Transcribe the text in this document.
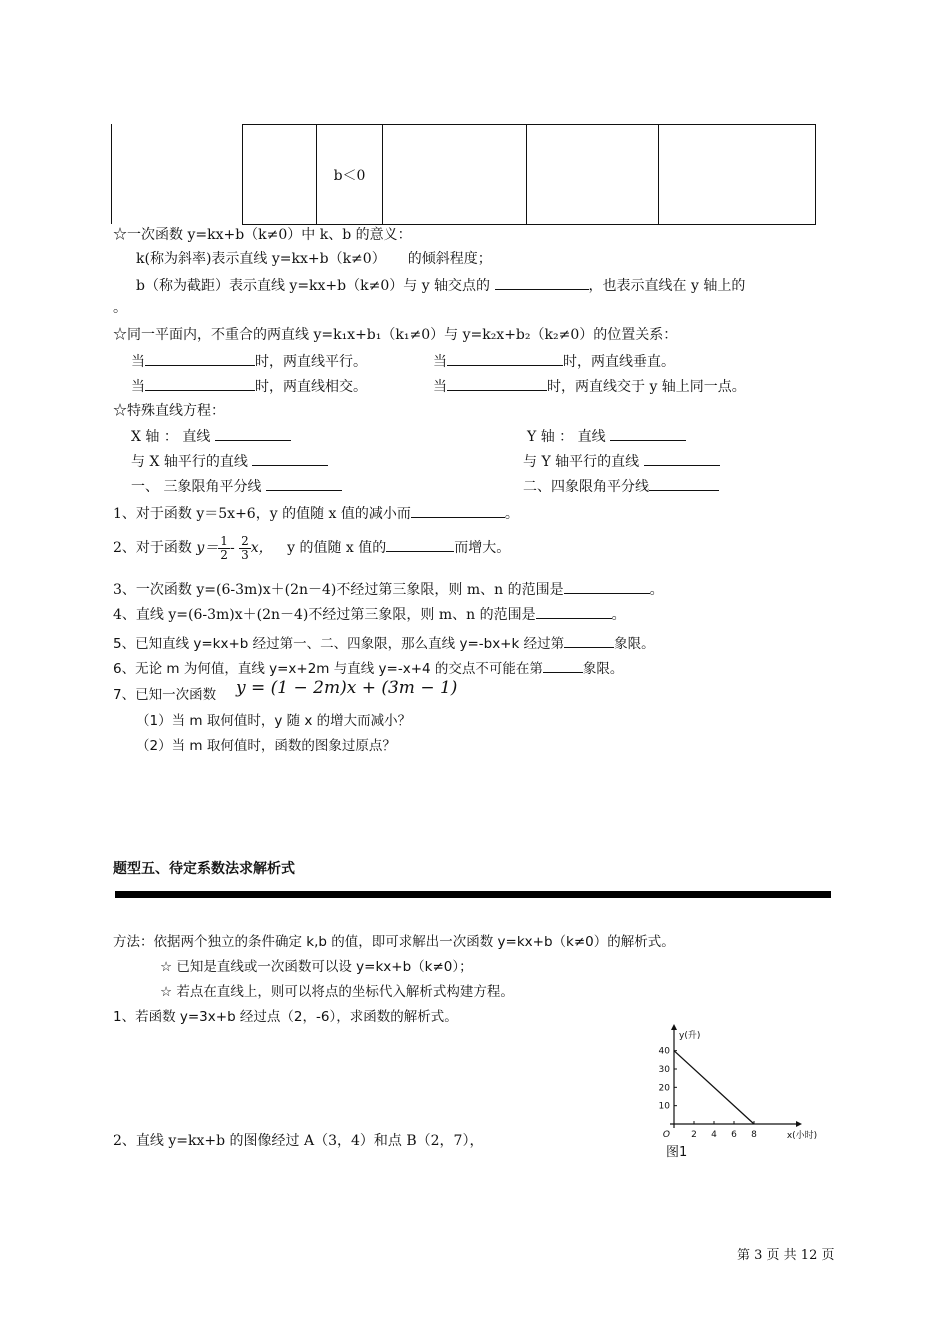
	b＜0			
☆一次函数 y=kx+b（k≠0）中 k、b 的意义：
k(称为斜率)表示直线 y=kx+b（k≠0） 的倾斜程度；
b（称为截距）表示直线 y=kx+b（k≠0）与 y 轴交点的	，也表示直线在 y 轴上的
。
☆同一平面内，不重合的两直线 y=k₁x+b₁（k₁≠0）与 y=k₂x+b₂（k₂≠0）的位置关系：
当	时，两直线平行。	当	时，两直线垂直。
当	时，两直线相交。	当	时，两直线交于 y 轴上同一点。
☆特殊直线方程：
X 轴 ： 直线	Y 轴 ： 直线
与 X 轴平行的直线	与 Y 轴平行的直线
一、 三象限角平分线	二、四象限角平分线
1、对于函数 y＝5x+6，y 的值随 x 值的减小而	。
2、对于函数 $y= \frac{1}{2} - \frac{2}{3}$ x， y 的值随 x 值的	而增大。
3、一次函数 y=(6-3m)x＋(2n－4)不经过第三象限，则 m、n 的范围是	。
4、直线 y=(6-3m)x＋(2n－4)不经过第三象限，则 m、n 的范围是	。
5、已知直线 y=kx+b 经过第一、二、四象限，那么直线 y=-bx+k 经过第	象限。
6、无论 m 为何值，直线 y=x+2m 与直线 y=-x+4 的交点不可能在第	象限。
7、已知一次函数 y = (1 − 2m)x + (3m − 1)
（1）当 m 取何值时，y 随 x 的增大而减小？
（2）当 m 取何值时，函数的图象过原点？
题型五、待定系数法求解析式
方法：依据两个独立的条件确定 k,b 的值，即可求解出一次函数 y=kx+b（k≠0）的解析式。
☆ 已知是直线或一次函数可以设 y=kx+b（k≠0）；
☆ 若点在直线上，则可以将点的坐标代入解析式构建方程。
1、若函数 y=3x+b 经过点（2，-6），求函数的解析式。
2、直线 y=kx+b 的图像经过 A（3，4）和点 B（2，7），	2 4 6 8
10
20
30
40
O
y(升)
x(小时)
图1
第 3 页 共 12 页
